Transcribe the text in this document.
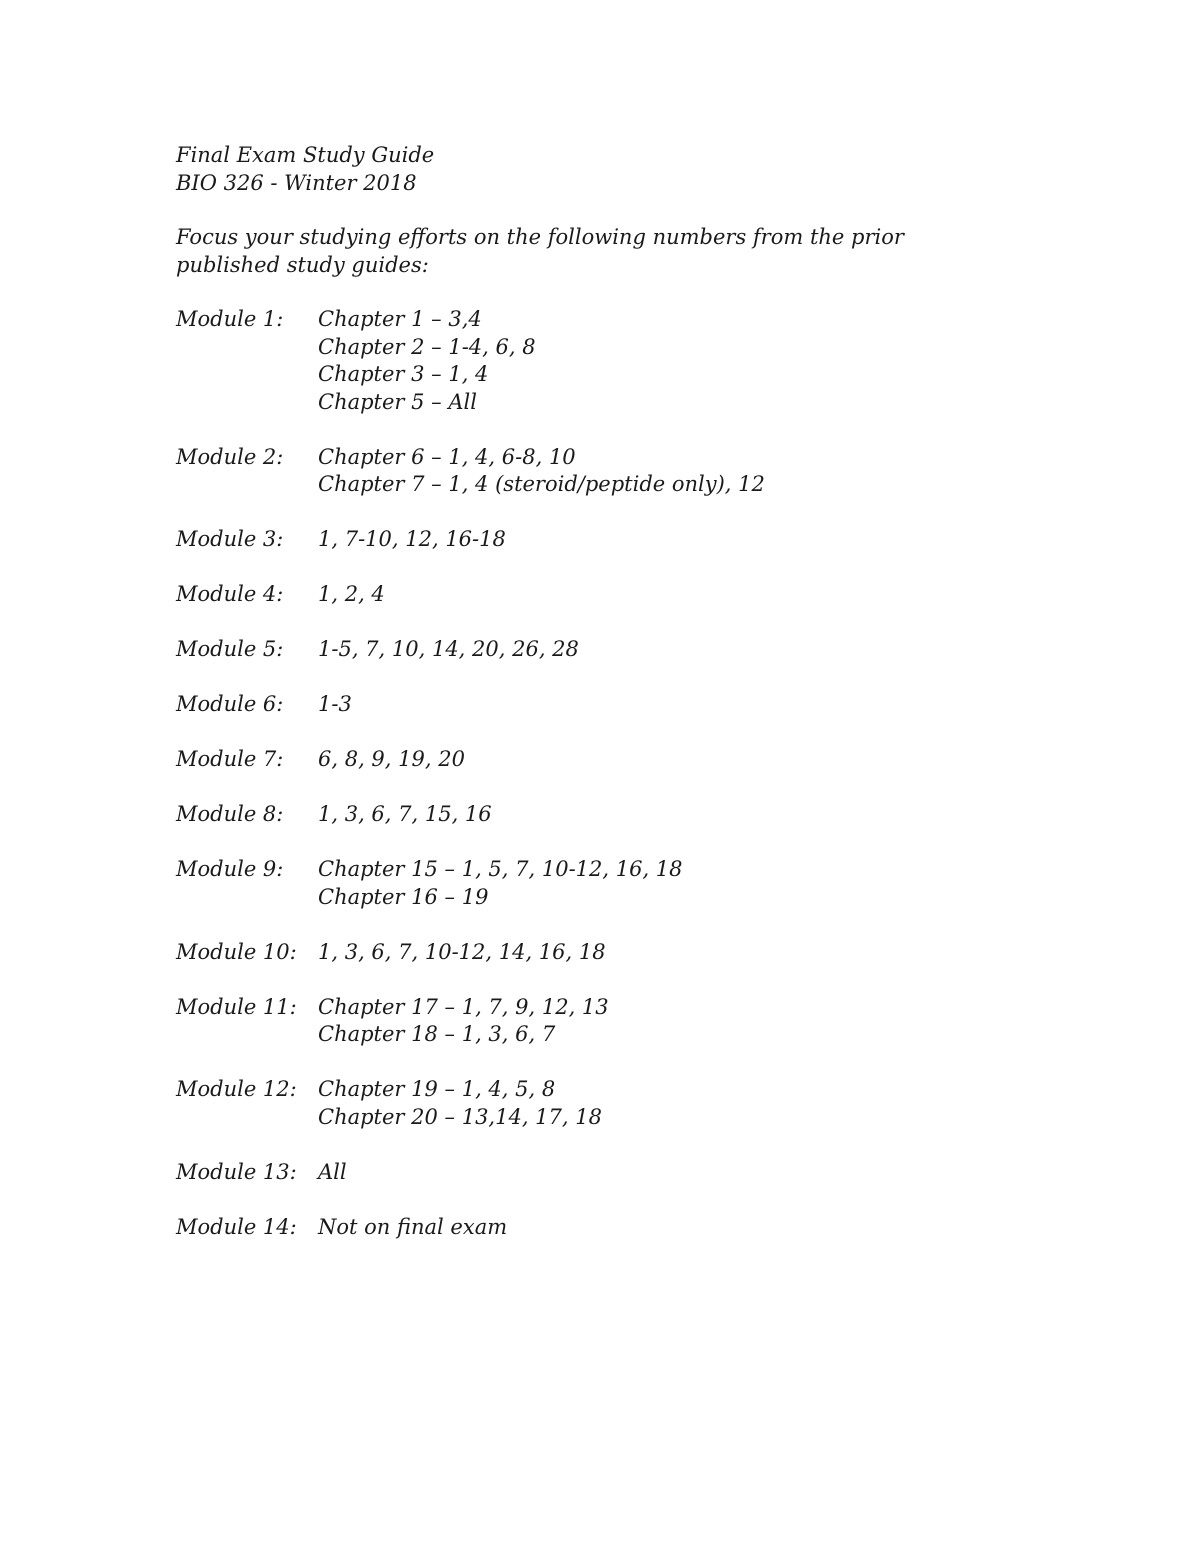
Final Exam Study Guide

BIO 326 - Winter 2018

Focus your studying efforts on the following numbers from the prior published study guides:

Module 1:	Chapter 1 – 3,4
Chapter 2 – 1-4, 6, 8
Chapter 3 – 1, 4
Chapter 5 – All
Module 2:	Chapter 6 – 1, 4, 6-8, 10
Chapter 7 – 1, 4 (steroid/peptide only), 12
Module 3:	1, 7-10, 12, 16-18
Module 4:	1, 2, 4
Module 5:	1-5, 7, 10, 14, 20, 26, 28
Module 6:	1-3
Module 7:	6, 8, 9, 19, 20
Module 8:	1, 3, 6, 7, 15, 16
Module 9:	Chapter 15 – 1, 5, 7, 10-12, 16, 18
Chapter 16 – 19
Module 10:	1, 3, 6, 7, 10-12, 14, 16, 18
Module 11:	Chapter 17 – 1, 7, 9, 12, 13
Chapter 18 – 1, 3, 6, 7
Module 12:	Chapter 19 – 1, 4, 5, 8
Chapter 20 – 13,14, 17, 18
Module 13:	All
Module 14:	Not on final exam
